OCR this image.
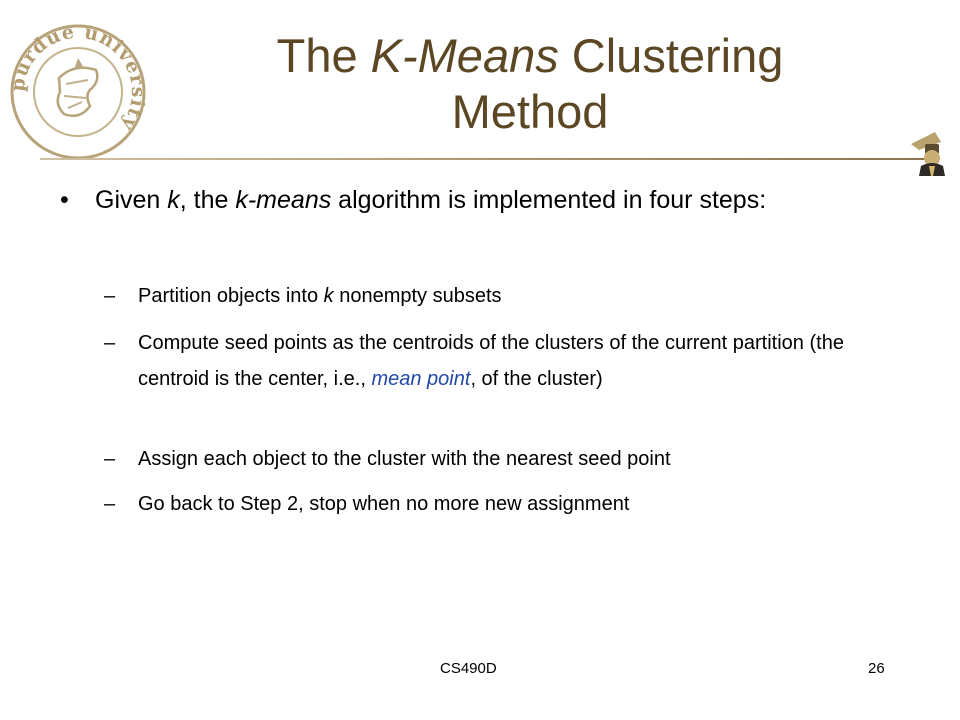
purdue university
The K-Means Clustering
Method
• Given k, the k-means algorithm is implemented in four steps:
– Partition objects into k nonempty subsets
– Compute seed points as the centroids of the clusters of the current partition (the centroid is the center, i.e., mean point, of the cluster)
– Assign each object to the cluster with the nearest seed point
– Go back to Step 2, stop when no more new assignment
CS490D	26
